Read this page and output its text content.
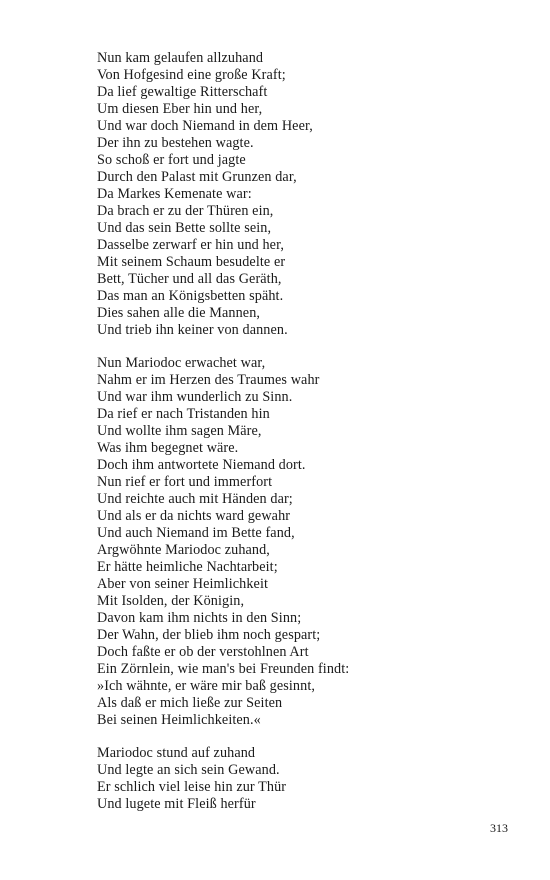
Nun kam gelaufen allzuhand
Von Hofgesind eine große Kraft;
Da lief gewaltige Ritterschaft
Um diesen Eber hin und her,
Und war doch Niemand in dem Heer,
Der ihn zu bestehen wagte.
So schoß er fort und jagte
Durch den Palast mit Grunzen dar,
Da Markes Kemenate war:
Da brach er zu der Thüren ein,
Und das sein Bette sollte sein,
Dasselbe zerwarf er hin und her,
Mit seinem Schaum besudelte er
Bett, Tücher und all das Geräth,
Das man an Königsbetten späht.
Dies sahen alle die Mannen,
Und trieb ihn keiner von dannen.
Nun Mariodoc erwachet war,
Nahm er im Herzen des Traumes wahr
Und war ihm wunderlich zu Sinn.
Da rief er nach Tristanden hin
Und wollte ihm sagen Märe,
Was ihm begegnet wäre.
Doch ihm antwortete Niemand dort.
Nun rief er fort und immerfort
Und reichte auch mit Händen dar;
Und als er da nichts ward gewahr
Und auch Niemand im Bette fand,
Argwöhnte Mariodoc zuhand,
Er hätte heimliche Nachtarbeit;
Aber von seiner Heimlichkeit
Mit Isolden, der Königin,
Davon kam ihm nichts in den Sinn;
Der Wahn, der blieb ihm noch gespart;
Doch faßte er ob der verstohlnen Art
Ein Zörnlein, wie man's bei Freunden findt:
»Ich wähnte, er wäre mir baß gesinnt,
Als daß er mich ließe zur Seiten
Bei seinen Heimlichkeiten.«
Mariodoc stund auf zuhand
Und legte an sich sein Gewand.
Er schlich viel leise hin zur Thür
Und lugete mit Fleiß herfür
313
